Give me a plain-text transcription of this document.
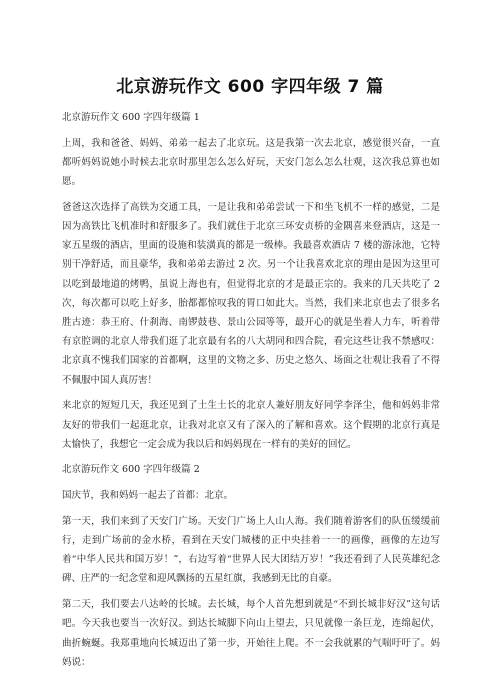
北京游玩作文 600 字四年级 7 篇

北京游玩作文 600 字四年级篇 1

上周，我和爸爸、妈妈、弟弟一起去了北京玩。这是我第一次去北京，感觉很兴奋，一直都听妈妈说她小时候去北京时那里怎么怎么好玩，天安门怎么怎么壮观，这次我总算也如愿。

爸爸这次选择了高铁为交通工具，一是让我和弟弟尝试一下和坐飞机不一样的感觉，二是因为高铁比飞机准时和舒服多了。我们就住于北京三环安贞桥的金隅喜来登酒店，这是一家五星级的酒店，里面的设施和装潢真的都是一级棒。我最喜欢酒店 7 楼的游泳池，它特别干净舒适，而且豪华，我和弟弟去游过 2 次。另一个让我喜欢北京的理由是因为这里可以吃到最地道的烤鸭，虽说上海也有，但觉得北京的才是最正宗的。我来的几天共吃了 2 次，每次都可以吃上好多，胎都都惊叹我的胃口如此大。当然，我们来北京也去了很多名胜古迹：恭王府、什刹海、南锣鼓巷、景山公园等等，最开心的就是坐着人力车，听着带有京腔调的北京人带我们逛了北京最有名的八大胡同和四合院，看完这些让我不禁感叹：北京真不愧我们国家的首都啊，这里的文物之多、历史之悠久、场面之壮观让我看了不得不佩服中国人真厉害！

来北京的短短几天，我还见到了土生土长的北京人兼好朋友好同学李泽尘，他和妈妈非常友好的带我们一起逛北京，让我对北京又有了深入的了解和喜欢。这个假期的北京行真是太愉快了，我想它一定会成为我以后和妈妈现在一样有的美好的回忆。

北京游玩作文 600 字四年级篇 2

国庆节，我和妈妈一起去了首都：北京。

第一天，我们来到了天安门广场。天安门广场上人山人海。我们随着游客们的队伍缓缓前行，走到广场前的金水桥，看到在天安门城楼的正中央挂着一一的画像，画像的左边写着“中华人民共和国万岁！”，右边写着“世界人民大团结万岁！”我还看到了人民英雄纪念碑、庄严的一纪念堂和迎风飘扬的五星红旗，我感到无比的自豪。

第二天，我们要去八达岭的长城。去长城，每个人首先想到就是“不到长城非好汉”这句话吧。今天我也要当一次好汉。到达长城脚下向山上望去，只见就像一条巨龙，连绵起伏，曲折蜿蜒。我郑重地向长城迈出了第一步，开始往上爬。不一会我就累的气喘吁吁了。妈妈说：
